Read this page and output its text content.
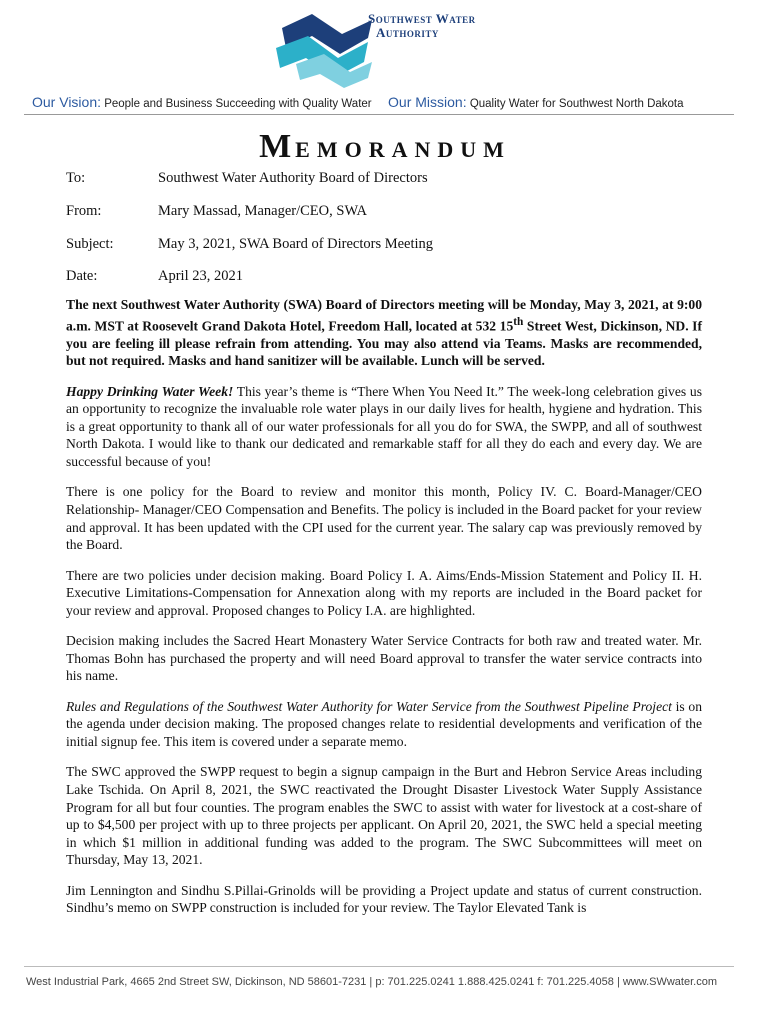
Southwest Water
Authority
Our Vision: People and Business Succeeding with Quality Water Our Mission: Quality Water for Southwest North Dakota
MEMORANDUM
To:	Southwest Water Authority Board of Directors
From:	Mary Massad, Manager/CEO, SWA
Subject:	May 3, 2021, SWA Board of Directors Meeting
Date:	April 23, 2021

The next Southwest Water Authority (SWA) Board of Directors meeting will be Monday, May 3, 2021, at 9:00 a.m. MST at Roosevelt Grand Dakota Hotel, Freedom Hall, located at 532 15th Street West, Dickinson, ND. If you are feeling ill please refrain from attending. You may also attend via Teams. Masks are recommended, but not required. Masks and hand sanitizer will be available. Lunch will be served.

Happy Drinking Water Week! This year’s theme is “There When You Need It.” The week-long celebration gives us an opportunity to recognize the invaluable role water plays in our daily lives for health, hygiene and hydration. This is a great opportunity to thank all of our water professionals for all you do for SWA, the SWPP, and all of southwest North Dakota. I would like to thank our dedicated and remarkable staff for all they do each and every day. We are successful because of you!

There is one policy for the Board to review and monitor this month, Policy IV. C. Board-Manager/CEO Relationship- Manager/CEO Compensation and Benefits. The policy is included in the Board packet for your review and approval. It has been updated with the CPI used for the current year. The salary cap was previously removed by the Board.

There are two policies under decision making. Board Policy I. A. Aims/Ends-Mission Statement and Policy II. H. Executive Limitations-Compensation for Annexation along with my reports are included in the Board packet for your review and approval. Proposed changes to Policy I.A. are highlighted.

Decision making includes the Sacred Heart Monastery Water Service Contracts for both raw and treated water. Mr. Thomas Bohn has purchased the property and will need Board approval to transfer the water service contracts into his name.

Rules and Regulations of the Southwest Water Authority for Water Service from the Southwest Pipeline Project is on the agenda under decision making. The proposed changes relate to residential developments and verification of the initial signup fee. This item is covered under a separate memo.

The SWC approved the SWPP request to begin a signup campaign in the Burt and Hebron Service Areas including Lake Tschida. On April 8, 2021, the SWC reactivated the Drought Disaster Livestock Water Supply Assistance Program for all but four counties. The program enables the SWC to assist with water for livestock at a cost-share of up to $4,500 per project with up to three projects per applicant. On April 20, 2021, the SWC held a special meeting in which $1 million in additional funding was added to the program. The SWC Subcommittees will meet on Thursday, May 13, 2021.

Jim Lennington and Sindhu S.Pillai-Grinolds will be providing a Project update and status of current construction. Sindhu’s memo on SWPP construction is included for your review. The Taylor Elevated Tank is

West Industrial Park, 4665 2nd Street SW, Dickinson, ND 58601-7231 | p: 701.225.0241 1.888.425.0241 f: 701.225.4058 | www.SWwater.com
